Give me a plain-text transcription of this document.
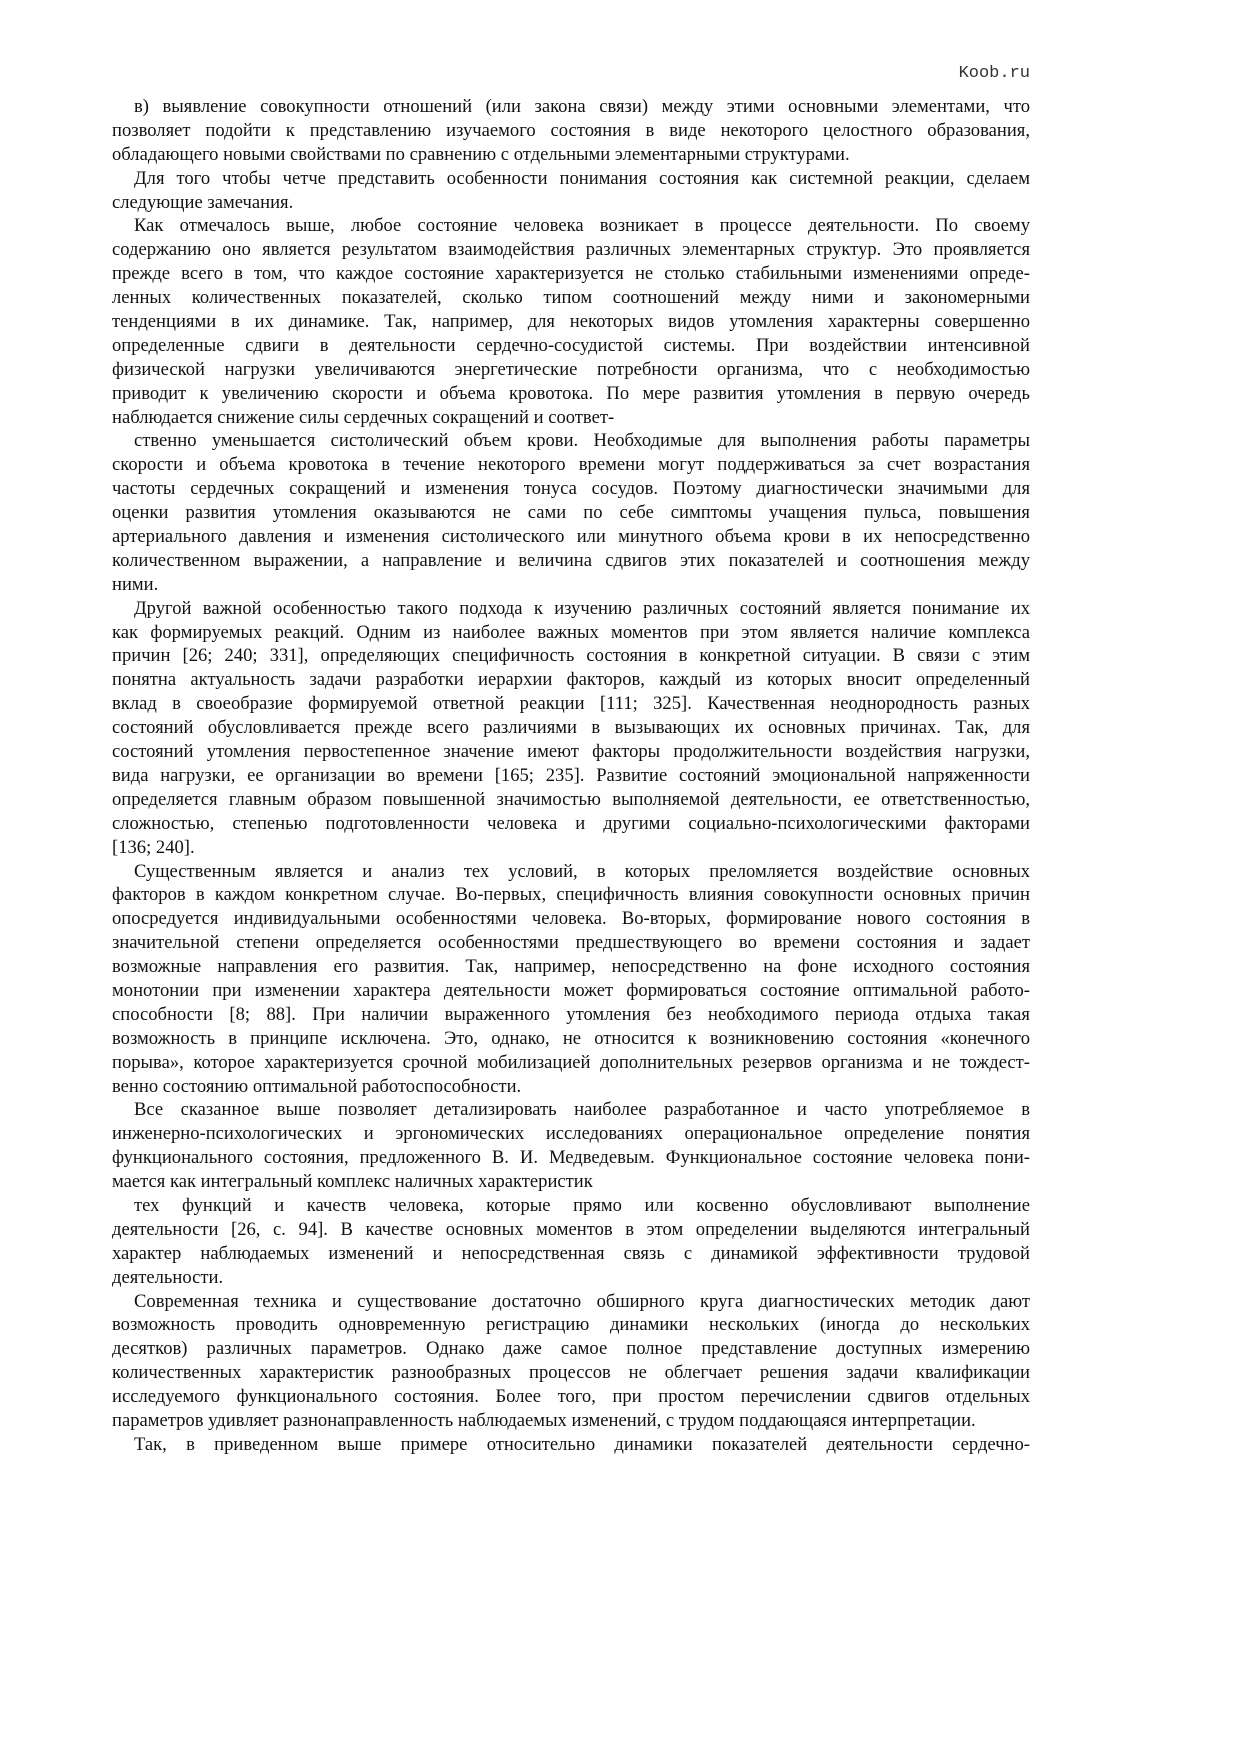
Koob.ru
в) выявление совокупности отношений (или закона связи) между этими основными элементами, что
позволяет подойти к представлению изучаемого состояния в виде некоторого целостного образования,
обладающего новыми свойствами по сравнению с отдельными элементарными структурами.
Для того чтобы четче представить особенности понимания состояния как системной реакции, сделаем
следующие замечания.
Как отмечалось выше, любое состояние человека возникает в процессе деятельности. По своему
содержанию оно является результатом взаимодействия различных элементарных структур. Это проявляется
прежде всего в том, что каждое состояние характеризуется не столько стабильными изменениями опреде-
ленных количественных показателей, сколько типом соотношений между ними и закономерными
тенденциями в их динамике. Так, например, для некоторых видов утомления характерны совершенно
определенные сдвиги в деятельности сердечно-сосудистой системы. При воздействии интенсивной
физической нагрузки увеличиваются энергетические потребности организма, что с необходимостью
приводит к увеличению скорости и объема кровотока. По мере развития утомления в первую очередь
наблюдается снижение силы сердечных сокращений и соответ-
ственно уменьшается систолический объем крови. Необходимые для выполнения работы параметры
скорости и объема кровотока в течение некоторого времени могут поддерживаться за счет возрастания
частоты сердечных сокращений и изменения тонуса сосудов. Поэтому диагностически значимыми для
оценки развития утомления оказываются не сами по себе симптомы учащения пульса, повышения
артериального давления и изменения систолического или минутного объема крови в их непосредственно
количественном выражении, а направление и величина сдвигов этих показателей и соотношения между
ними.
Другой важной особенностью такого подхода к изучению различных состояний является понимание их
как формируемых реакций. Одним из наиболее важных моментов при этом является наличие комплекса
причин [26; 240; 331], определяющих специфичность состояния в конкретной ситуации. В связи с этим
понятна актуальность задачи разработки иерархии факторов, каждый из которых вносит определенный
вклад в своеобразие формируемой ответной реакции [111; 325]. Качественная неоднородность разных
состояний обусловливается прежде всего различиями в вызывающих их основных причинах. Так, для
состояний утомления первостепенное значение имеют факторы продолжительности воздействия нагрузки,
вида нагрузки, ее организации во времени [165; 235]. Развитие состояний эмоциональной напряженности
определяется главным образом повышенной значимостью выполняемой деятельности, ее ответственностью,
сложностью, степенью подготовленности человека и другими социально-психологическими факторами
[136; 240].
Существенным является и анализ тех условий, в которых преломляется воздействие основных
факторов в каждом конкретном случае. Во-первых, специфичность влияния совокупности основных причин
опосредуется индивидуальными особенностями человека. Во-вторых, формирование нового состояния в
значительной степени определяется особенностями предшествующего во времени состояния и задает
возможные направления его развития. Так, например, непосредственно на фоне исходного состояния
монотонии при изменении характера деятельности может формироваться состояние оптимальной работо-
способности [8; 88]. При наличии выраженного утомления без необходимого периода отдыха такая
возможность в принципе исключена. Это, однако, не относится к возникновению состояния «конечного
порыва», которое характеризуется срочной мобилизацией дополнительных резервов организма и не тождест-
венно состоянию оптимальной работоспособности.
Все сказанное выше позволяет детализировать наиболее разработанное и часто употребляемое в
инженерно-психологических и эргономических исследованиях операциональное определение понятия
функционального состояния, предложенного В. И. Медведевым. Функциональное состояние человека пони-
мается как интегральный комплекс наличных характеристик
тех функций и качеств человека, которые прямо или косвенно обусловливают выполнение
деятельности [26, с. 94]. В качестве основных моментов в этом определении выделяются интегральный
характер наблюдаемых изменений и непосредственная связь с динамикой эффективности трудовой
деятельности.
Современная техника и существование достаточно обширного круга диагностических методик дают
возможность проводить одновременную регистрацию динамики нескольких (иногда до нескольких
десятков) различных параметров. Однако даже самое полное представление доступных измерению
количественных характеристик разнообразных процессов не облегчает решения задачи квалификации
исследуемого функционального состояния. Более того, при простом перечислении сдвигов отдельных
параметров удивляет разнонаправленность наблюдаемых изменений, с трудом поддающаяся интерпретации.
Так, в приведенном выше примере относительно динамики показателей деятельности сердечно-
